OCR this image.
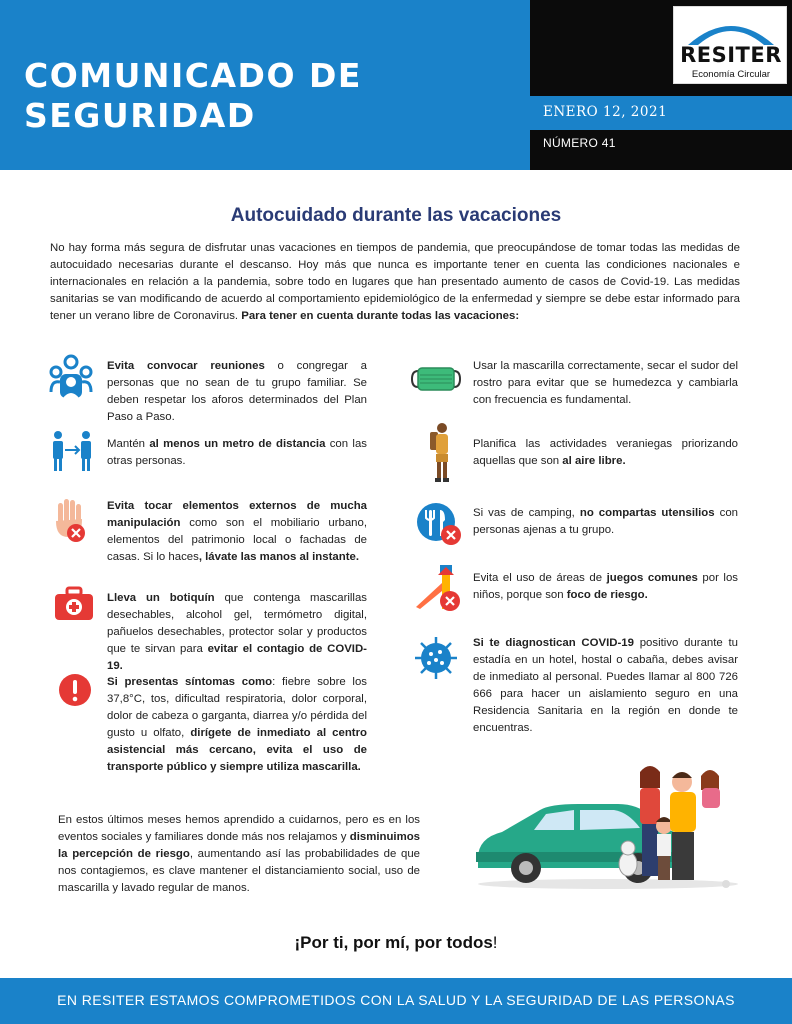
COMUNICADO DE SEGURIDAD	ENERO 12, 2021
NÚMERO 41
RESITER
Economía Circular
Autocuidado durante las vacaciones
No hay forma más segura de disfrutar unas vacaciones en tiempos de pandemia, que preocupándose de tomar todas las medidas de autocuidado necesarias durante el descanso. Hoy más que nunca es importante tener en cuenta las condiciones nacionales e internacionales en relación a la pandemia, sobre todo en lugares que han presentado aumento de casos de Covid-19. Las medidas sanitarias se van modificando de acuerdo al comportamiento epidemiológico de la enfermedad y siempre se debe estar informado para tener un verano libre de Coronavirus. Para tener en cuenta durante todas las vacaciones:
Evita convocar reuniones o congregar a personas que no sean de tu grupo familiar. Se deben respetar los aforos determinados del Plan Paso a Paso.
Mantén al menos un metro de distancia con las otras personas.
Evita tocar elementos externos de mucha manipulación como son el mobiliario urbano, elementos del patrimonio local o fachadas de casas. Si lo haces, lávate las manos al instante.
Lleva un botiquín que contenga mascarillas desechables, alcohol gel, termómetro digital, pañuelos desechables, protector solar y productos que te sirvan para evitar el contagio de COVID-19.
Si presentas síntomas como: fiebre sobre los 37,8°C, tos, dificultad respiratoria, dolor corporal, dolor de cabeza o garganta, diarrea y/o pérdida del gusto u olfato, dirígete de inmediato al centro asistencial más cercano, evita el uso de transporte público y siempre utiliza mascarilla.
Usar la mascarilla correctamente, secar el sudor del rostro para evitar que se humedezca y cambiarla con frecuencia es fundamental.
Planifica las actividades veraniegas priorizando aquellas que son al aire libre.
Si vas de camping, no compartas utensilios con personas ajenas a tu grupo.
Evita el uso de áreas de juegos comunes por los niños, porque son foco de riesgo.
Si te diagnostican COVID-19 positivo durante tu estadía en un hotel, hostal o cabaña, debes avisar de inmediato al personal. Puedes llamar al 800 726 666 para hacer un aislamiento seguro en una Residencia Sanitaria en la región en donde te encuentras.
En estos últimos meses hemos aprendido a cuidarnos, pero es en los eventos sociales y familiares donde más nos relajamos y disminuimos la percepción de riesgo, aumentando así las probabilidades de que nos contagiemos, es clave mantener el distanciamiento social, uso de mascarilla y lavado regular de manos.
¡Por ti, por mí, por todos!
EN RESITER ESTAMOS COMPROMETIDOS CON LA SALUD Y LA SEGURIDAD DE LAS PERSONAS
